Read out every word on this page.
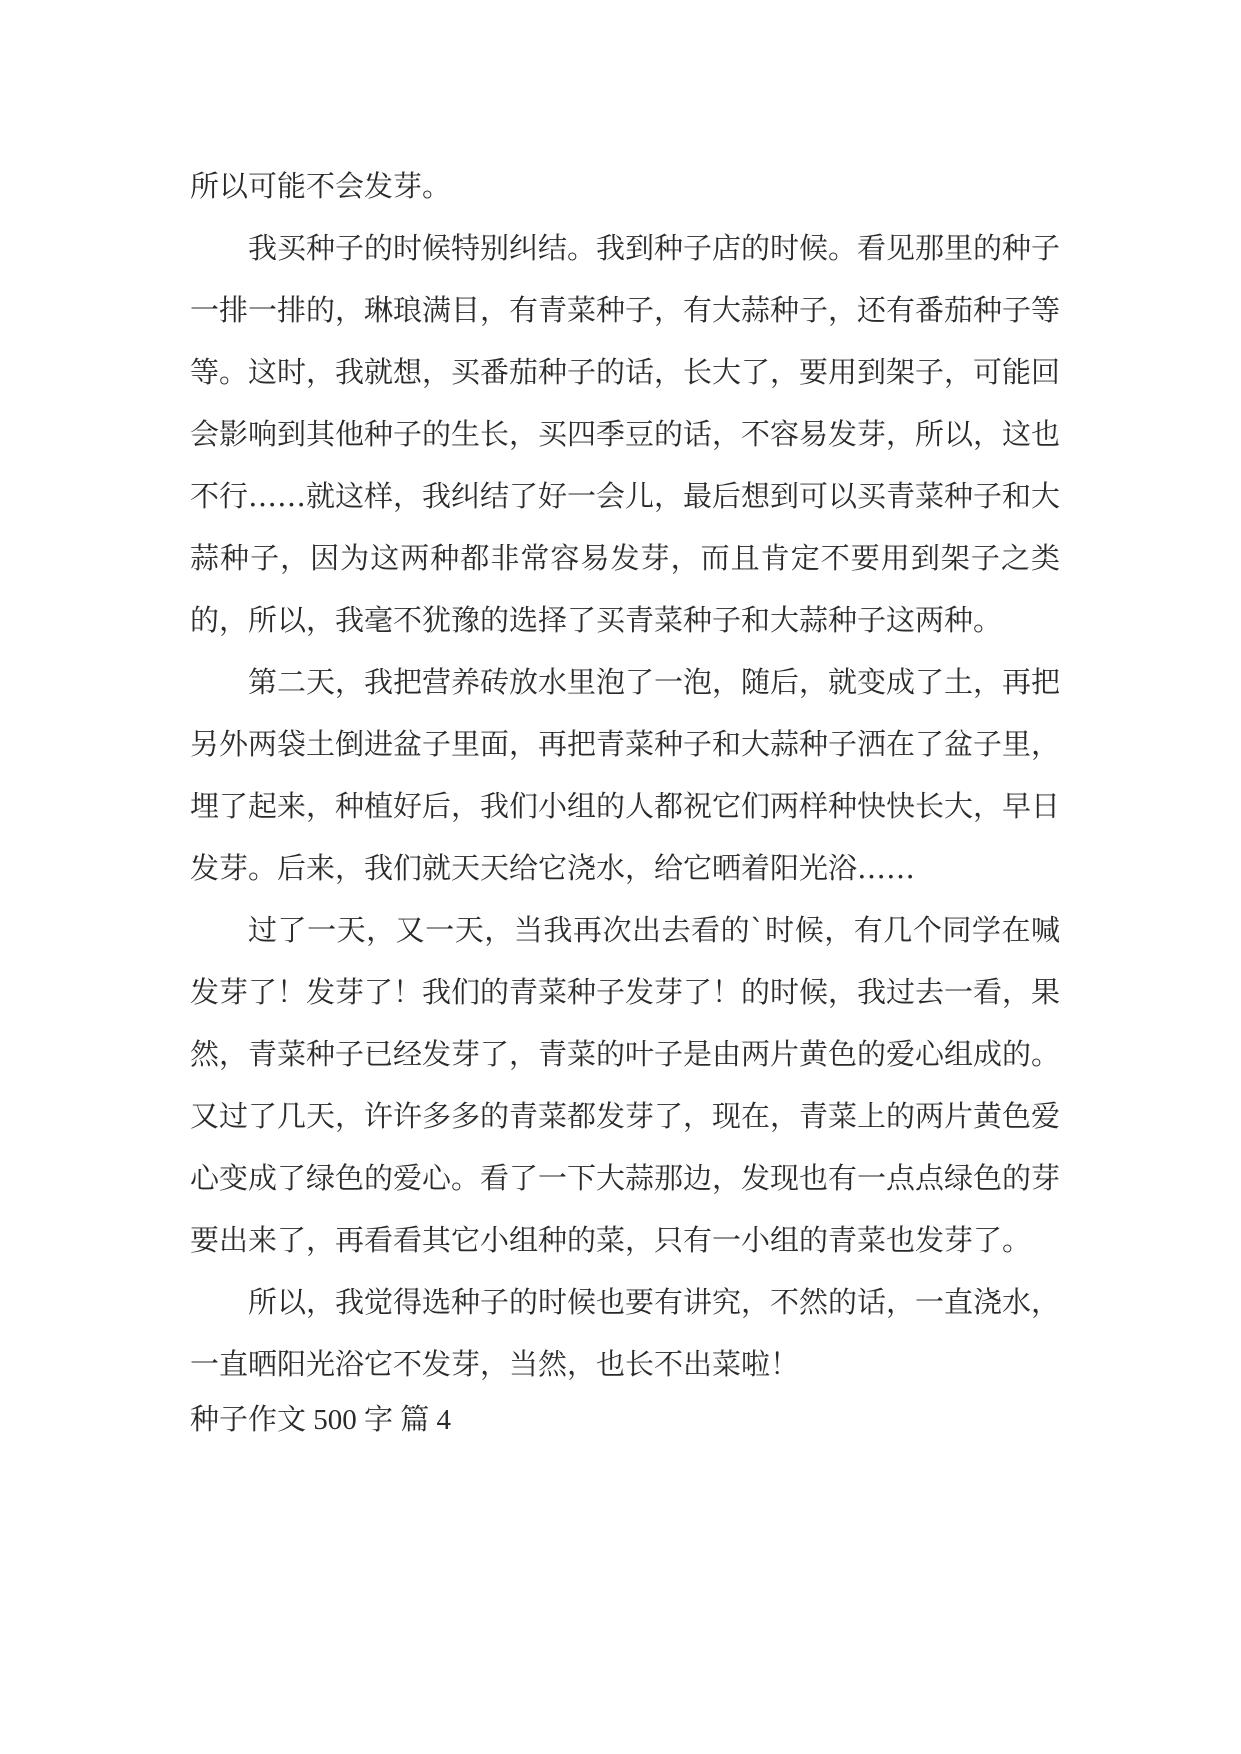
所以可能不会发芽。

我买种子的时候特别纠结。我到种子店的时候。看见那里的种子一排一排的，琳琅满目，有青菜种子，有大蒜种子，还有番茄种子等等。这时，我就想，买番茄种子的话，长大了，要用到架子，可能回会影响到其他种子的生长，买四季豆的话，不容易发芽，所以，这也不行……就这样，我纠结了好一会儿，最后想到可以买青菜种子和大蒜种子，因为这两种都非常容易发芽，而且肯定不要用到架子之类的，所以，我毫不犹豫的选择了买青菜种子和大蒜种子这两种。

第二天，我把营养砖放水里泡了一泡，随后，就变成了土，再把另外两袋土倒进盆子里面，再把青菜种子和大蒜种子洒在了盆子里，埋了起来，种植好后，我们小组的人都祝它们两样种快快长大，早日发芽。后来，我们就天天给它浇水，给它晒着阳光浴……

过了一天，又一天，当我再次出去看的`时候，有几个同学在喊发芽了！发芽了！我们的青菜种子发芽了！的时候，我过去一看，果然，青菜种子已经发芽了，青菜的叶子是由两片黄色的爱心组成的。又过了几天，许许多多的青菜都发芽了，现在，青菜上的两片黄色爱心变成了绿色的爱心。看了一下大蒜那边，发现也有一点点绿色的芽要出来了，再看看其它小组种的菜，只有一小组的青菜也发芽了。

所以，我觉得选种子的时候也要有讲究，不然的话，一直浇水，一直晒阳光浴它不发芽，当然，也长不出菜啦！

种子作文 500 字 篇 4
